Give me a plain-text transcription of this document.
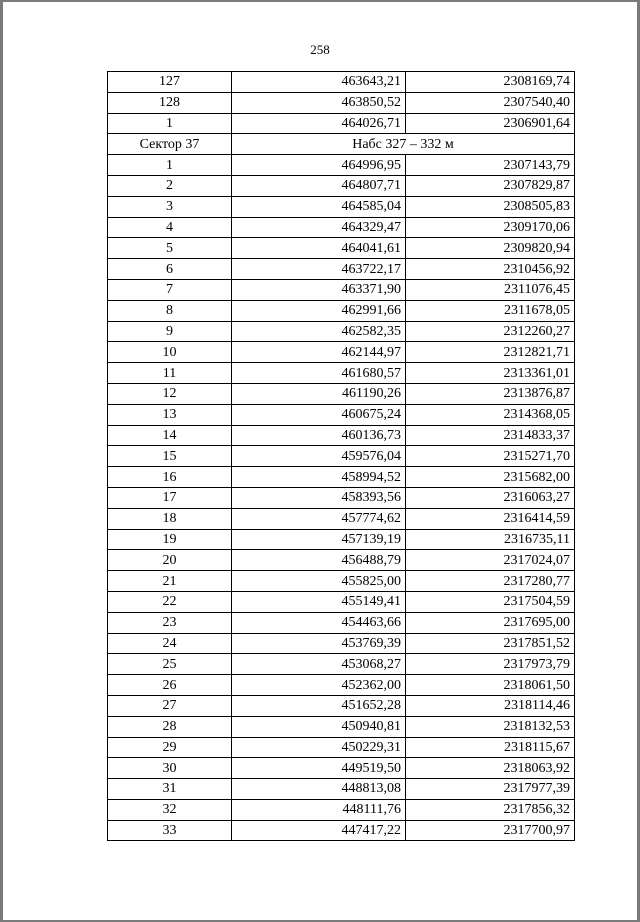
258
127	463643,21	2308169,74
128	463850,52	2307540,40
1	464026,71	2306901,64
Сектор 37	Набс 327 – 332 м	
1	464996,95	2307143,79
2	464807,71	2307829,87
3	464585,04	2308505,83
4	464329,47	2309170,06
5	464041,61	2309820,94
6	463722,17	2310456,92
7	463371,90	2311076,45
8	462991,66	2311678,05
9	462582,35	2312260,27
10	462144,97	2312821,71
11	461680,57	2313361,01
12	461190,26	2313876,87
13	460675,24	2314368,05
14	460136,73	2314833,37
15	459576,04	2315271,70
16	458994,52	2315682,00
17	458393,56	2316063,27
18	457774,62	2316414,59
19	457139,19	2316735,11
20	456488,79	2317024,07
21	455825,00	2317280,77
22	455149,41	2317504,59
23	454463,66	2317695,00
24	453769,39	2317851,52
25	453068,27	2317973,79
26	452362,00	2318061,50
27	451652,28	2318114,46
28	450940,81	2318132,53
29	450229,31	2318115,67
30	449519,50	2318063,92
31	448813,08	2317977,39
32	448111,76	2317856,32
33	447417,22	2317700,97
